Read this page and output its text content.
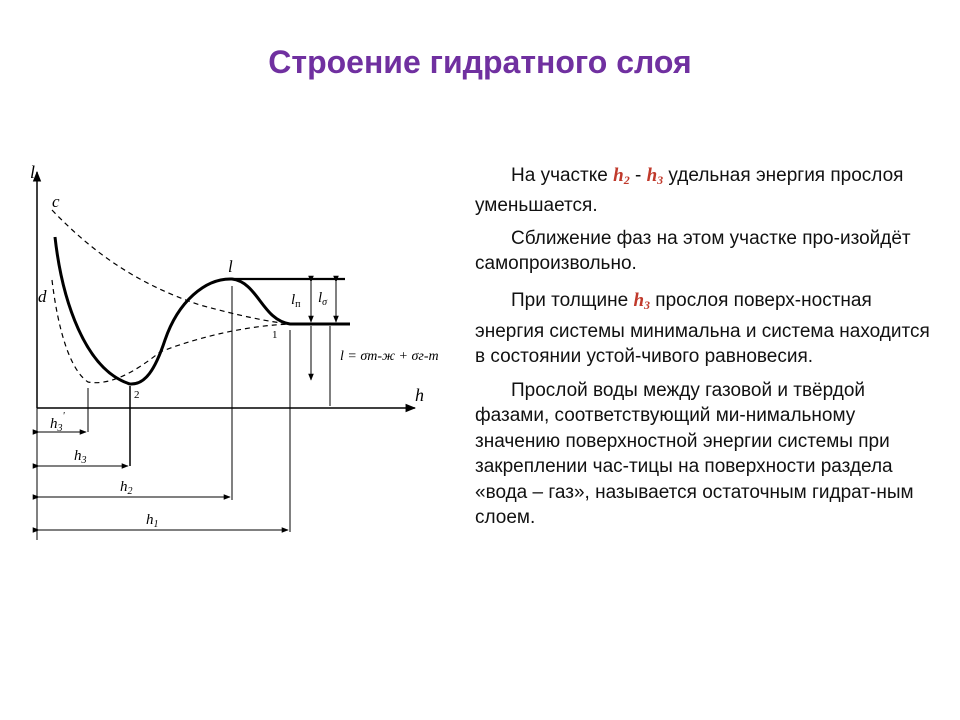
Строение гидратного слоя
l
h
c
d
l
1
2
$l_п$ $l_\sigma$
l = σт-ж + σг-т
$h_3'$
$h_3$
$h_2$
$h_1$

На участке $h_2 - h_3$ удельная энергия прослоя уменьшается.

Сближение фаз на этом участке про-изойдёт самопроизвольно.

При толщине $h_3$ прослоя поверх-ностная энергия системы минимальна и система находится в состоянии устой-чивого равновесия.

Прослой воды между газовой и твёрдой фазами, соответствующий ми-нимальному значению поверхностной энергии системы при закреплении час-тицы на поверхности раздела «вода – газ», называется остаточным гидрат-ным слоем.
